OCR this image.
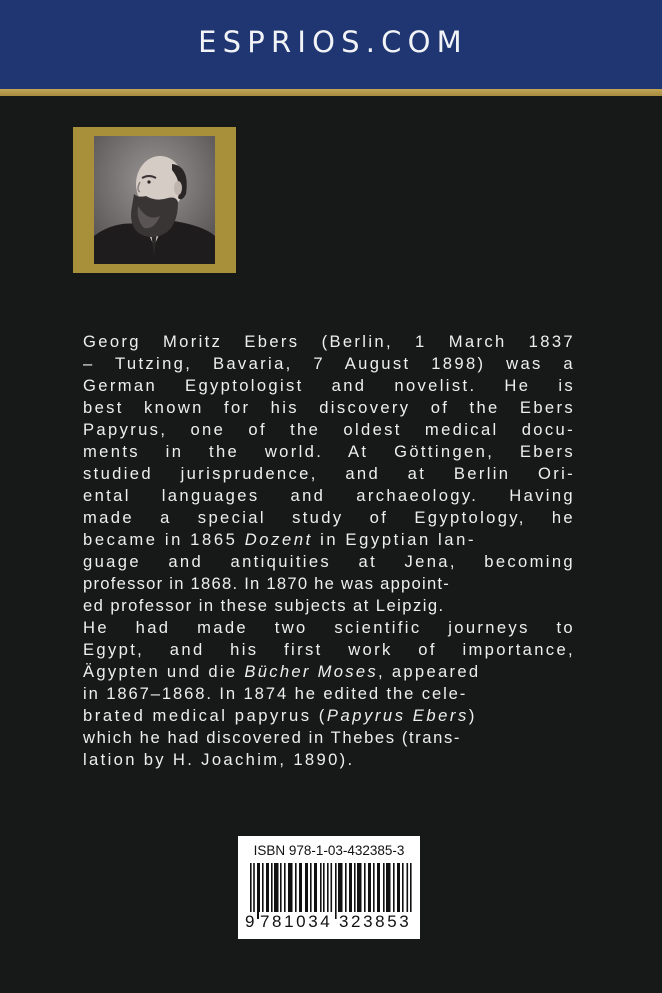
ESPRIOS.COM
Georg Moritz Ebers (Berlin, 1 March 1837
– Tutzing, Bavaria, 7 August 1898) was a
German Egyptologist and novelist. He is
best known for his discovery of the Ebers
Papyrus, one of the oldest medical docu-
ments in the world. At Göttingen, Ebers
studied jurisprudence, and at Berlin Ori-
ental languages and archaeology. Having
made a special study of Egyptology, he
became in 1865 Dozent in Egyptian lan-
guage and antiquities at Jena, becoming
professor in 1868. In 1870 he was appoint-
ed professor in these subjects at Leipzig.
He had made two scientific journeys to
Egypt, and his first work of importance,
Ägypten und die Bücher Moses, appeared
in 1867–1868. In 1874 he edited the cele-
brated medical papyrus (Papyrus Ebers)
which he had discovered in Thebes (trans-
lation by H. Joachim, 1890).
ISBN 978-1-03-432385-3
9 781034 323853
